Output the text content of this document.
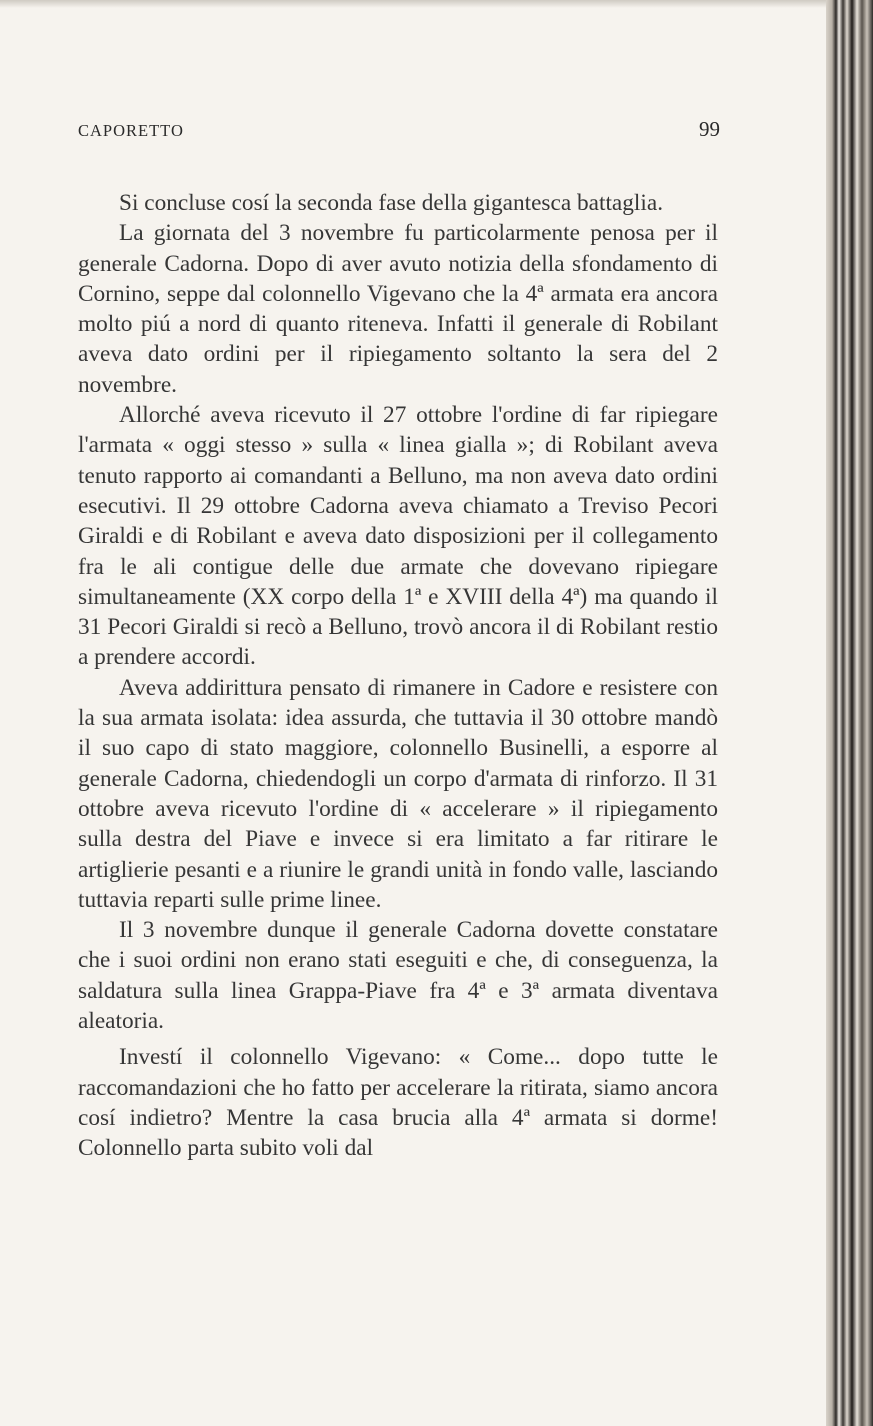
CAPORETTO	99

Si concluse cosí la seconda fase della gigantesca battaglia.

La giornata del 3 novembre fu particolarmente penosa per il generale Cadorna. Dopo di aver avuto notizia della sfondamento di Cornino, seppe dal colonnello Vigevano che la 4ª armata era ancora molto piú a nord di quanto riteneva. Infatti il generale di Robilant aveva dato ordini per il ripiegamento soltanto la sera del 2 novembre.

Allorché aveva ricevuto il 27 ottobre l'ordine di far ripiegare l'armata « oggi stesso » sulla « linea gialla »; di Robilant aveva tenuto rapporto ai comandanti a Belluno, ma non aveva dato ordini esecutivi. Il 29 ottobre Cadorna aveva chiamato a Treviso Pecori Giraldi e di Robilant e aveva dato disposizioni per il collegamento fra le ali contigue delle due armate che dovevano ripiegare simultaneamente (XX corpo della 1ª e XVIII della 4ª) ma quando il 31 Pecori Giraldi si recò a Belluno, trovò ancora il di Robilant restio a prendere accordi.

Aveva addirittura pensato di rimanere in Cadore e resistere con la sua armata isolata: idea assurda, che tuttavia il 30 ottobre mandò il suo capo di stato maggiore, colonnello Businelli, a esporre al generale Cadorna, chiedendogli un corpo d'armata di rinforzo. Il 31 ottobre aveva ricevuto l'ordine di « accelerare » il ripiegamento sulla destra del Piave e invece si era limitato a far ritirare le artiglierie pesanti e a riunire le grandi unità in fondo valle, lasciando tuttavia reparti sulle prime linee.

Il 3 novembre dunque il generale Cadorna dovette constatare che i suoi ordini non erano stati eseguiti e che, di conseguenza, la saldatura sulla linea Grappa-Piave fra 4ª e 3ª armata diventava aleatoria.

Investí il colonnello Vigevano: « Come... dopo tutte le raccomandazioni che ho fatto per accelerare la ritirata, siamo ancora cosí indietro? Mentre la casa brucia alla 4ª armata si dorme! Colonnello parta subito voli dal
